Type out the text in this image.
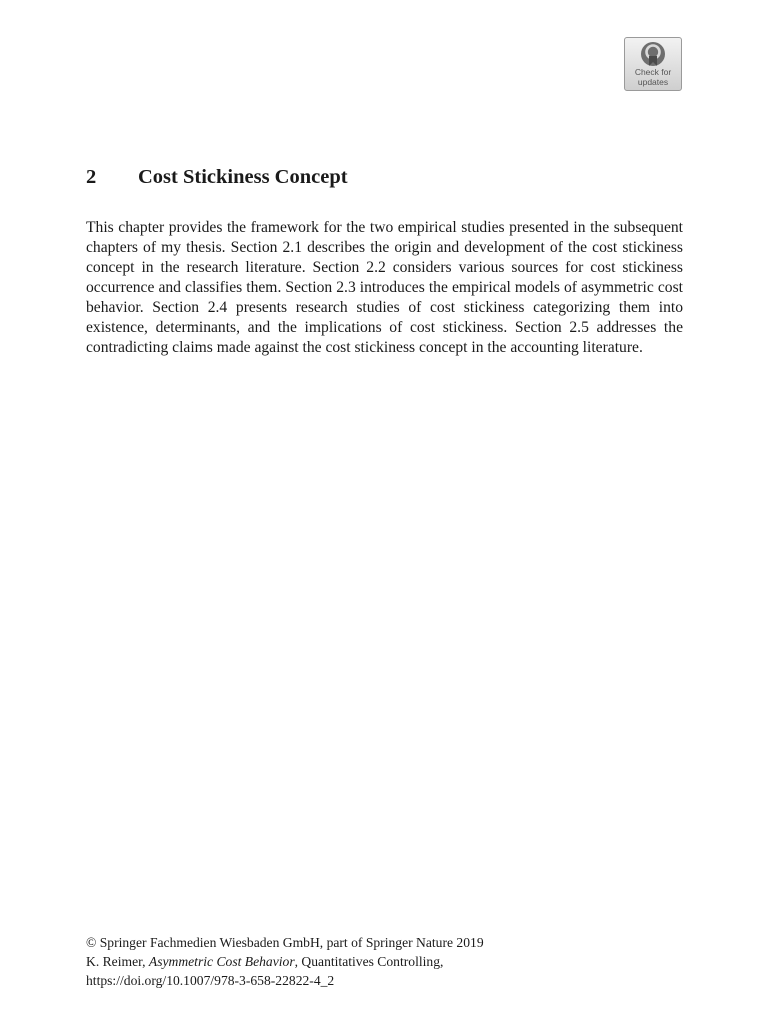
Check for
updates
2 Cost Stickiness Concept

This chapter provides the framework for the two empirical studies presented in the subsequent chapters of my thesis. Section 2.1 describes the origin and development of the cost stickiness concept in the research literature. Section 2.2 considers various sources for cost stickiness occurrence and classifies them. Section 2.3 introduces the empirical models of asymmetric cost behavior. Section 2.4 presents research studies of cost stickiness categorizing them into existence, determinants, and the implications of cost stickiness. Section 2.5 addresses the contradicting claims made against the cost stickiness concept in the accounting literature.

© Springer Fachmedien Wiesbaden GmbH, part of Springer Nature 2019
K. Reimer, Asymmetric Cost Behavior, Quantitatives Controlling,
https://doi.org/10.1007/978-3-658-22822-4_2
